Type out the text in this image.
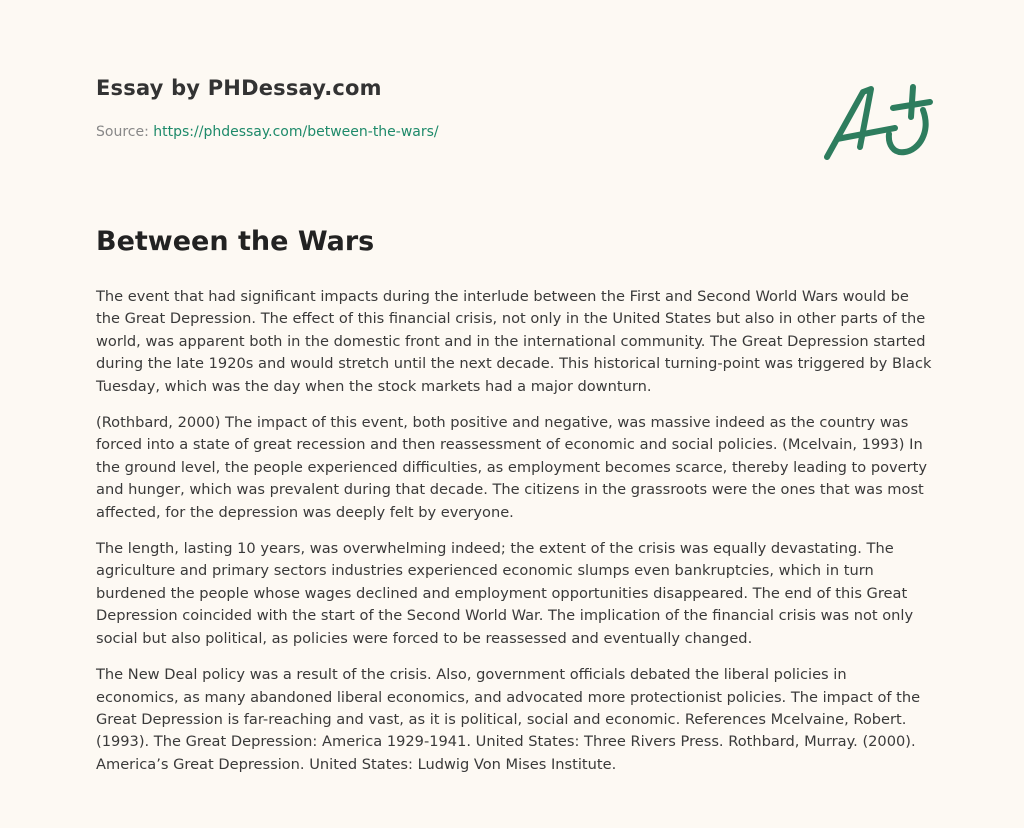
Essay by PHDessay.com
Source: https://phdessay.com/between-the-wars/
Between the Wars

The event that had significant impacts during the interlude between the First and Second World Wars would be the Great Depression. The effect of this financial crisis, not only in the United States but also in other parts of the world, was apparent both in the domestic front and in the international community. The Great Depression started during the late 1920s and would stretch until the next decade. This historical turning-point was triggered by Black Tuesday, which was the day when the stock markets had a major downturn.

(Rothbard, 2000) The impact of this event, both positive and negative, was massive indeed as the country was forced into a state of great recession and then reassessment of economic and social policies. (Mcelvain, 1993) In the ground level, the people experienced difficulties, as employment becomes scarce, thereby leading to poverty and hunger, which was prevalent during that decade. The citizens in the grassroots were the ones that was most affected, for the depression was deeply felt by everyone.

The length, lasting 10 years, was overwhelming indeed; the extent of the crisis was equally devastating. The agriculture and primary sectors industries experienced economic slumps even bankruptcies, which in turn burdened the people whose wages declined and employment opportunities disappeared. The end of this Great Depression coincided with the start of the Second World War. The implication of the financial crisis was not only social but also political, as policies were forced to be reassessed and eventually changed.

The New Deal policy was a result of the crisis. Also, government officials debated the liberal policies in economics, as many abandoned liberal economics, and advocated more protectionist policies. The impact of the Great Depression is far-reaching and vast, as it is political, social and economic. References Mcelvaine, Robert. (1993). The Great Depression: America 1929-1941. United States: Three Rivers Press. Rothbard, Murray. (2000). America’s Great Depression. United States: Ludwig Von Mises Institute.
